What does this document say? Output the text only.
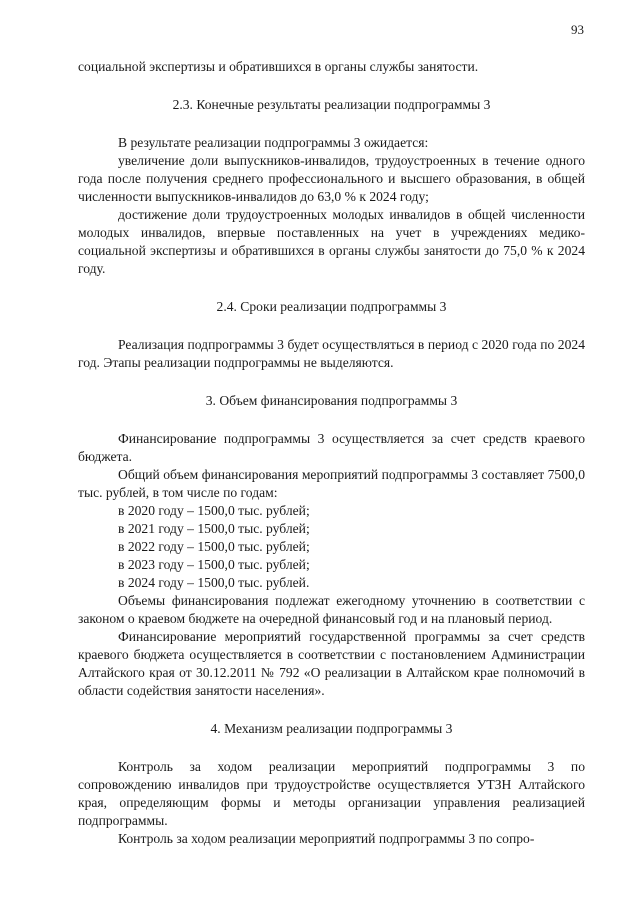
93

социальной экспертизы и обратившихся в органы службы занятости.

2.3. Конечные результаты реализации подпрограммы 3

В результате реализации подпрограммы 3 ожидается:

увеличение доли выпускников-инвалидов, трудоустроенных в течение одного года после получения среднего профессионального и высшего образования, в общей численности выпускников-инвалидов до 63,0 % к 2024 году;

достижение доли трудоустроенных молодых инвалидов в общей численности молодых инвалидов, впервые поставленных на учет в учреждениях медико-социальной экспертизы и обратившихся в органы службы занятости до 75,0 % к 2024 году.

2.4. Сроки реализации подпрограммы 3

Реализация подпрограммы 3 будет осуществляться в период с 2020 года по 2024 год. Этапы реализации подпрограммы не выделяются.

3. Объем финансирования подпрограммы 3

Финансирование подпрограммы 3 осуществляется за счет средств краевого бюджета.

Общий объем финансирования мероприятий подпрограммы 3 составляет 7500,0 тыс. рублей, в том числе по годам:

в 2020 году – 1500,0 тыс. рублей;

в 2021 году – 1500,0 тыс. рублей;

в 2022 году – 1500,0 тыс. рублей;

в 2023 году – 1500,0 тыс. рублей;

в 2024 году – 1500,0 тыс. рублей.

Объемы финансирования подлежат ежегодному уточнению в соответствии с законом о краевом бюджете на очередной финансовый год и на плановый период.

Финансирование мероприятий государственной программы за счет средств краевого бюджета осуществляется в соответствии с постановлением Администрации Алтайского края от 30.12.2011 № 792 «О реализации в Алтайском крае полномочий в области содействия занятости населения».

4. Механизм реализации подпрограммы 3

Контроль за ходом реализации мероприятий подпрограммы 3 по сопровождению инвалидов при трудоустройстве осуществляется УТЗН Алтайского края, определяющим формы и методы организации управления реализацией подпрограммы.

Контроль за ходом реализации мероприятий подпрограммы 3 по сопро-
